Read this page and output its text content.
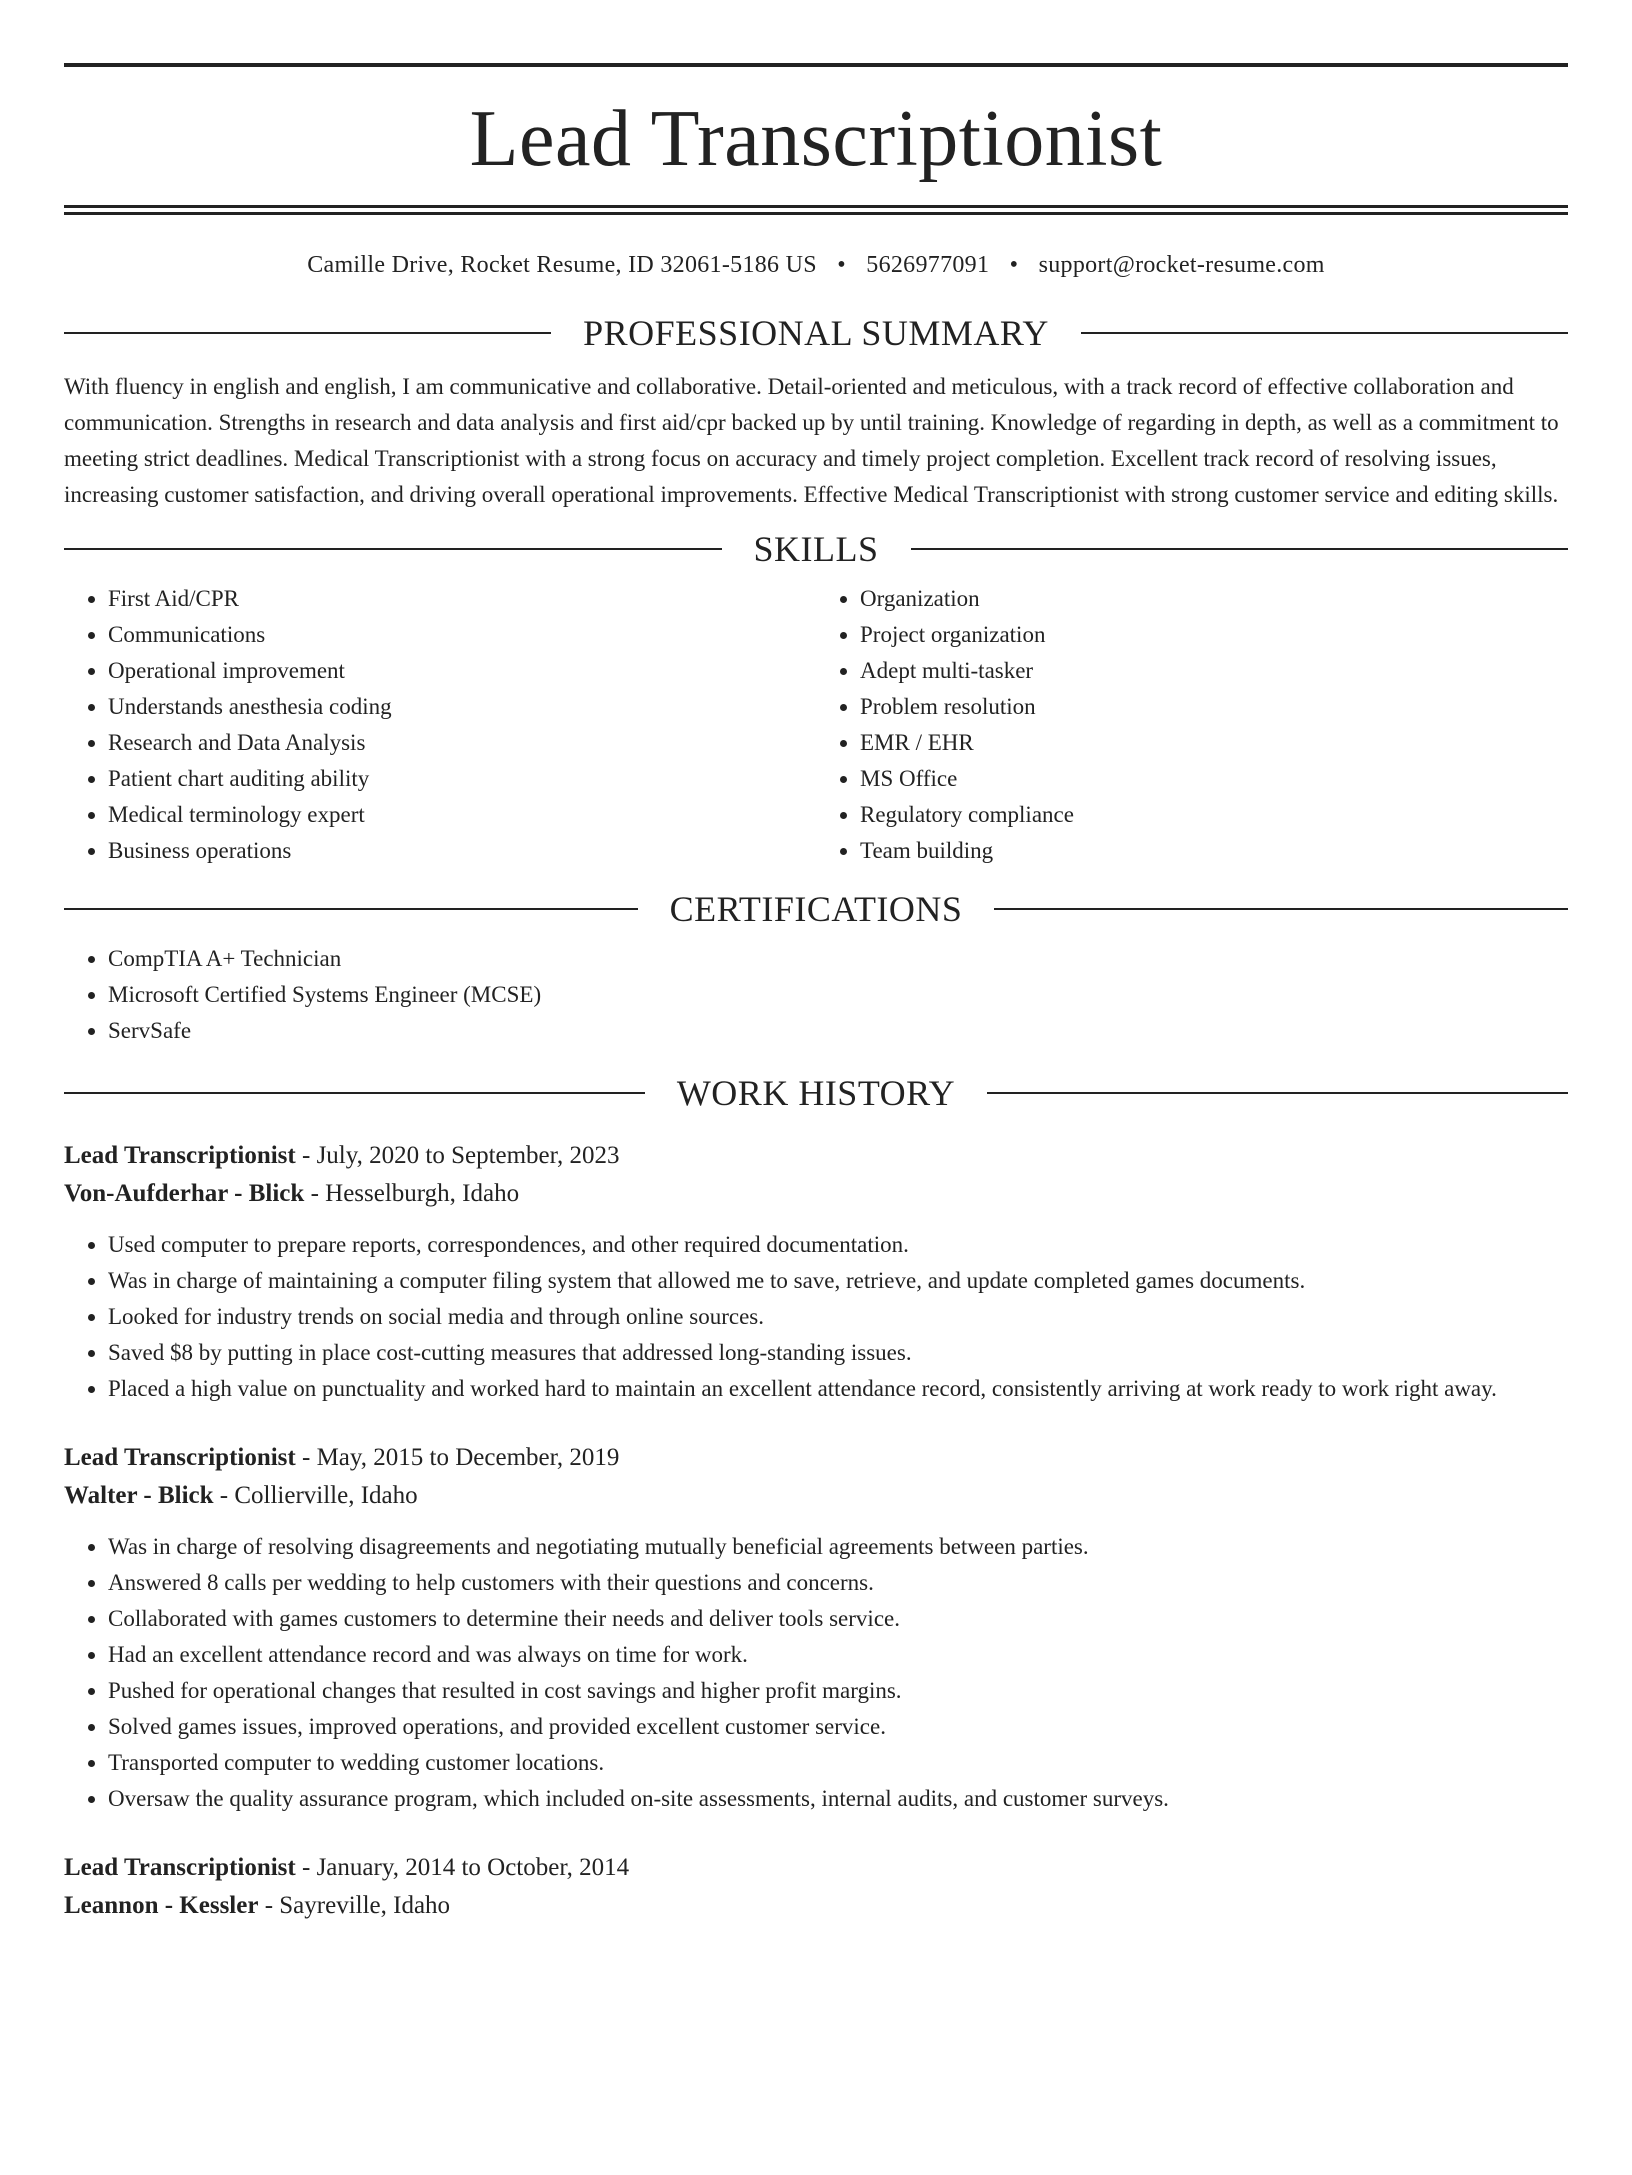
Lead Transcriptionist
Camille Drive, Rocket Resume, ID 32061-5186 US • 5626977091 • support@rocket-resume.com
PROFESSIONAL SUMMARY

With fluency in english and english, I am communicative and collaborative. Detail-oriented and meticulous, with a track record of effective collaboration and communication. Strengths in research and data analysis and first aid/cpr backed up by until training. Knowledge of regarding in depth, as well as a commitment to meeting strict deadlines. Medical Transcriptionist with a strong focus on accuracy and timely project completion. Excellent track record of resolving issues, increasing customer satisfaction, and driving overall operational improvements. Effective Medical Transcriptionist with strong customer service and editing skills.

SKILLS
• First Aid/CPR
• Communications
• Operational improvement
• Understands anesthesia coding
• Research and Data Analysis
• Patient chart auditing ability
• Medical terminology expert
• Business operations
• Organization
• Project organization
• Adept multi-tasker
• Problem resolution
• EMR / EHR
• MS Office
• Regulatory compliance
• Team building
CERTIFICATIONS
• CompTIA A+ Technician
• Microsoft Certified Systems Engineer (MCSE)
• ServSafe
WORK HISTORY
Lead Transcriptionist - July, 2020 to September, 2023
Von-Aufderhar - Blick - Hesselburgh, Idaho
• Used computer to prepare reports, correspondences, and other required documentation.
• Was in charge of maintaining a computer filing system that allowed me to save, retrieve, and update completed games documents.
• Looked for industry trends on social media and through online sources.
• Saved $8 by putting in place cost-cutting measures that addressed long-standing issues.
• Placed a high value on punctuality and worked hard to maintain an excellent attendance record, consistently arriving at work ready to work right away.
Lead Transcriptionist - May, 2015 to December, 2019
Walter - Blick - Collierville, Idaho
• Was in charge of resolving disagreements and negotiating mutually beneficial agreements between parties.
• Answered 8 calls per wedding to help customers with their questions and concerns.
• Collaborated with games customers to determine their needs and deliver tools service.
• Had an excellent attendance record and was always on time for work.
• Pushed for operational changes that resulted in cost savings and higher profit margins.
• Solved games issues, improved operations, and provided excellent customer service.
• Transported computer to wedding customer locations.
• Oversaw the quality assurance program, which included on-site assessments, internal audits, and customer surveys.
Lead Transcriptionist - January, 2014 to October, 2014
Leannon - Kessler - Sayreville, Idaho
